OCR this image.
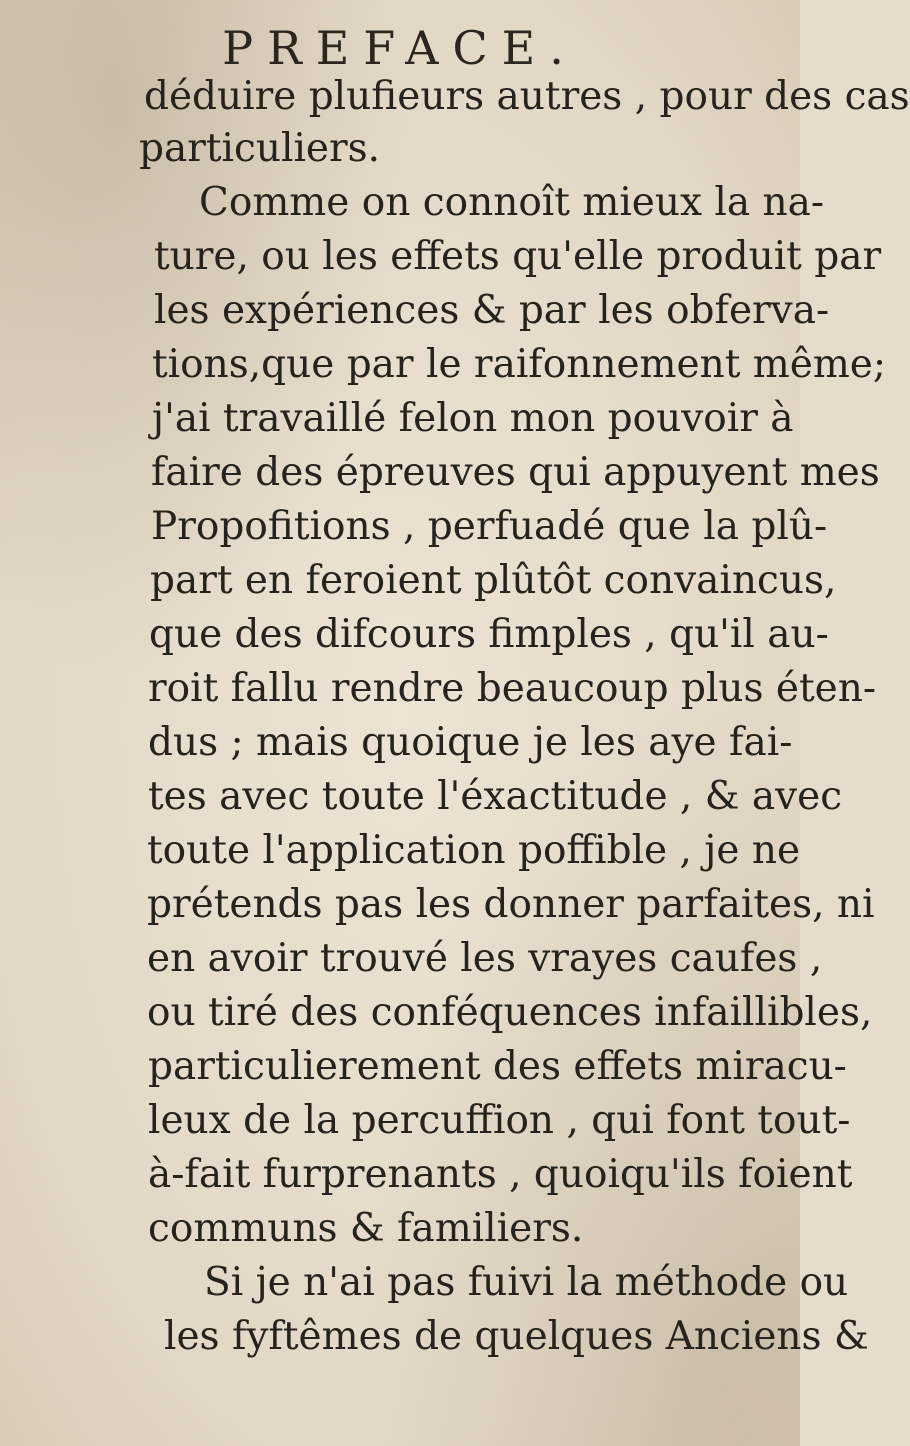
PREFACE.
déduire plufieurs autres , pour des cas
particuliers.
Comme on connoît mieux la na-
ture, ou les effets qu'elle produit par
les expériences & par les obferva-
tions,que par le raifonnement même;
j'ai travaillé felon mon pouvoir à
faire des épreuves qui appuyent mes
Propofitions , perfuadé que la plû-
part en feroient plûtôt convaincus,
que des difcours fimples , qu'il au-
roit fallu rendre beaucoup plus éten-
dus ; mais quoique je les aye fai-
tes avec toute l'éxactitude , & avec
toute l'application poffible , je ne
prétends pas les donner parfaites, ni
en avoir trouvé les vrayes caufes ,
ou tiré des conféquences infaillibles,
particulierement des effets miracu-
leux de la percuffion , qui font tout-
à-fait furprenants , quoiqu'ils foient
communs & familiers.
Si je n'ai pas fuivi la méthode ou
les fyftêmes de quelques Anciens &
